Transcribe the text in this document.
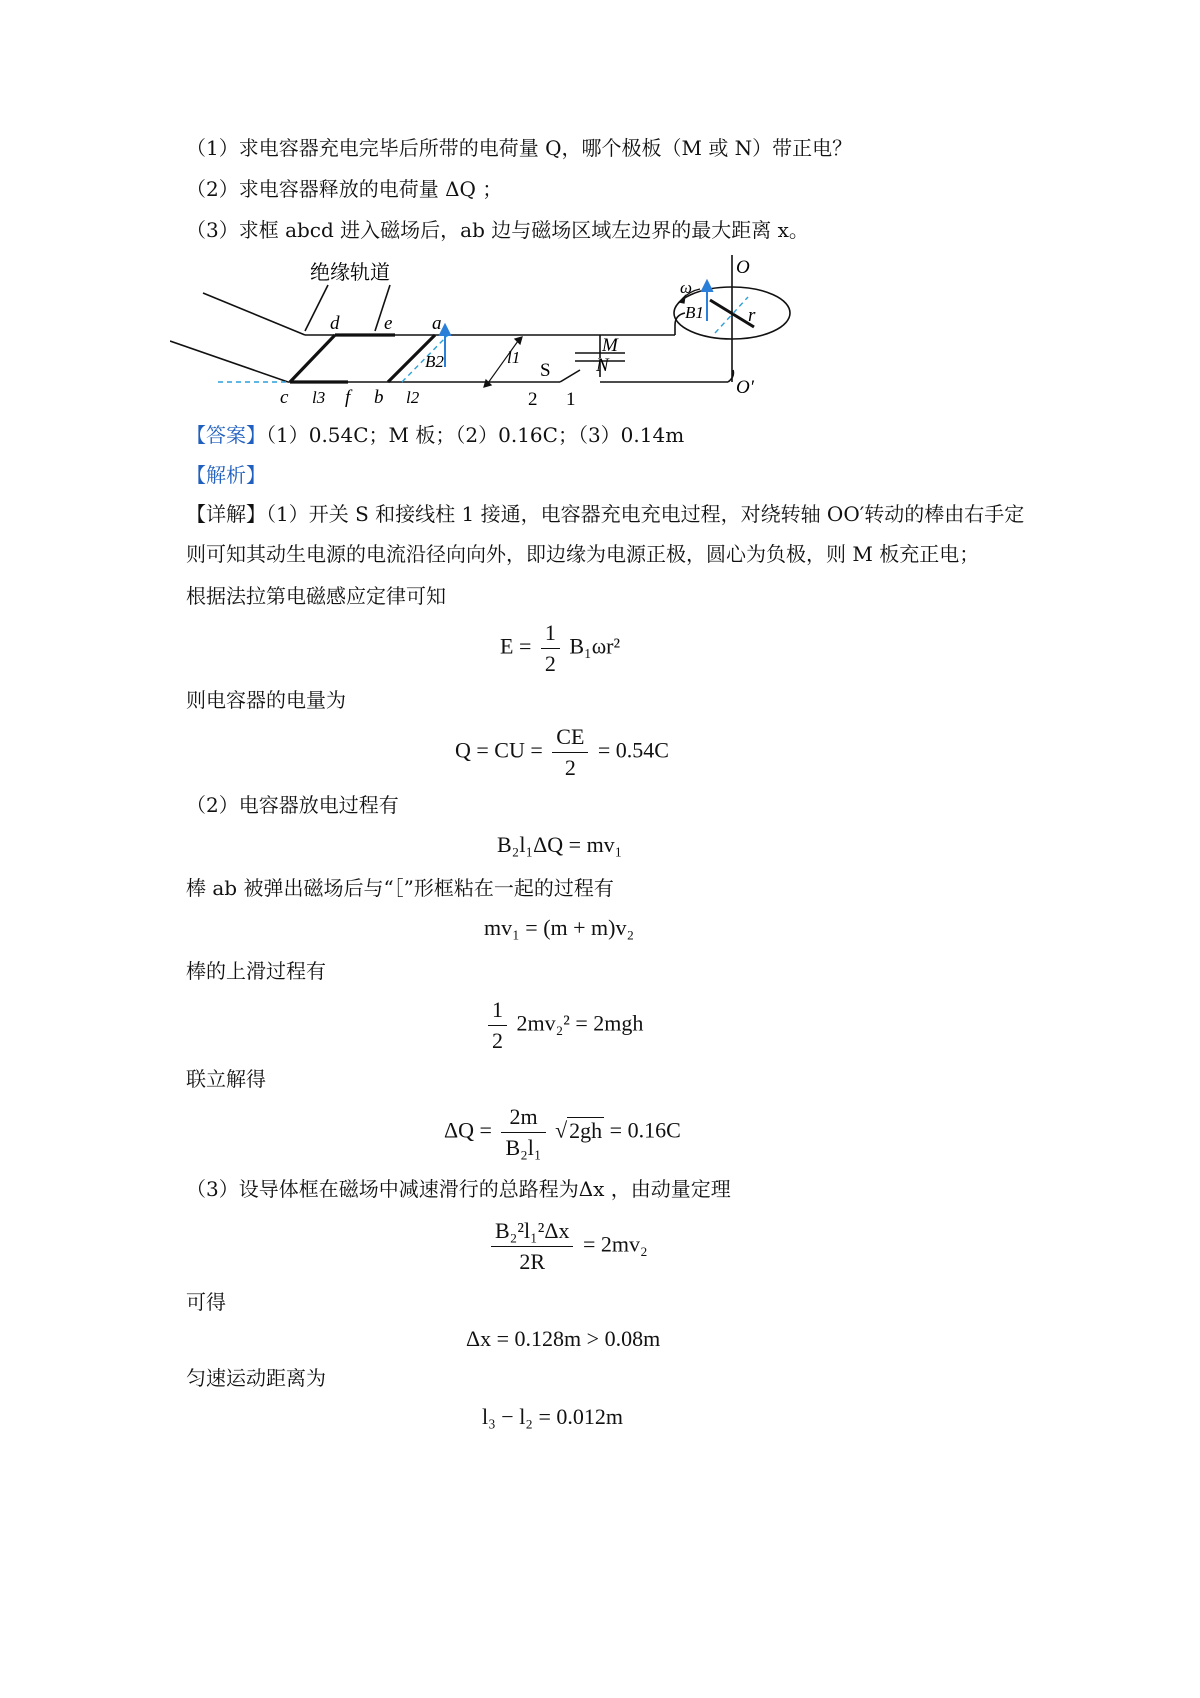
（1）求电容器充电完毕后所带的电荷量 Q，哪个极板（M 或 N）带正电？
（2）求电容器释放的电荷量 ΔQ ；
（3）求框 abcd 进入磁场后，ab 边与磁场区域左边界的最大距离 x。
绝缘轨道
d e a
c l3 f b l2
B2	l1
S
M
N
2 1
O
O′
ω
B1 r
【答案】（1）0.54C；M 板；（2）0.16C；（3）0.14m
【解析】
【详解】（1）开关 S 和接线柱 1 接通，电容器充电充电过程，对绕转轴 OO′转动的棒由右手定则可知其动生电源的电流沿径向向外，即边缘为电源正极，圆心为负极，则 M 板充正电；
根据法拉第电磁感应定律可知
$E = \frac{1}{2} B_1\omega r^2$
则电容器的电量为
Q = CU = $\frac{CE}{2} = 0.54C$
（2）电容器放电过程有
B₂l₁ΔQ = mv₁
棒 ab 被弹出磁场后与“［”形框粘在一起的过程有
mv₁ = (m + m)v₂
棒的上滑过程有
$\frac{1}{2} 2mv_2^2 = 2mgh$
联立解得
$\Delta Q = \frac{2m}{\text{B₂l₁}} √2gh = 0.16C$
（3）设导体框在磁场中减速滑行的总路程为Δx ，由动量定理
$\frac{\text{B₂²l₁²Δx}}{2R} = 2mv_2$
可得
Δx = 0.128m > 0.08m
匀速运动距离为
l₃ − l₂ = 0.012m
